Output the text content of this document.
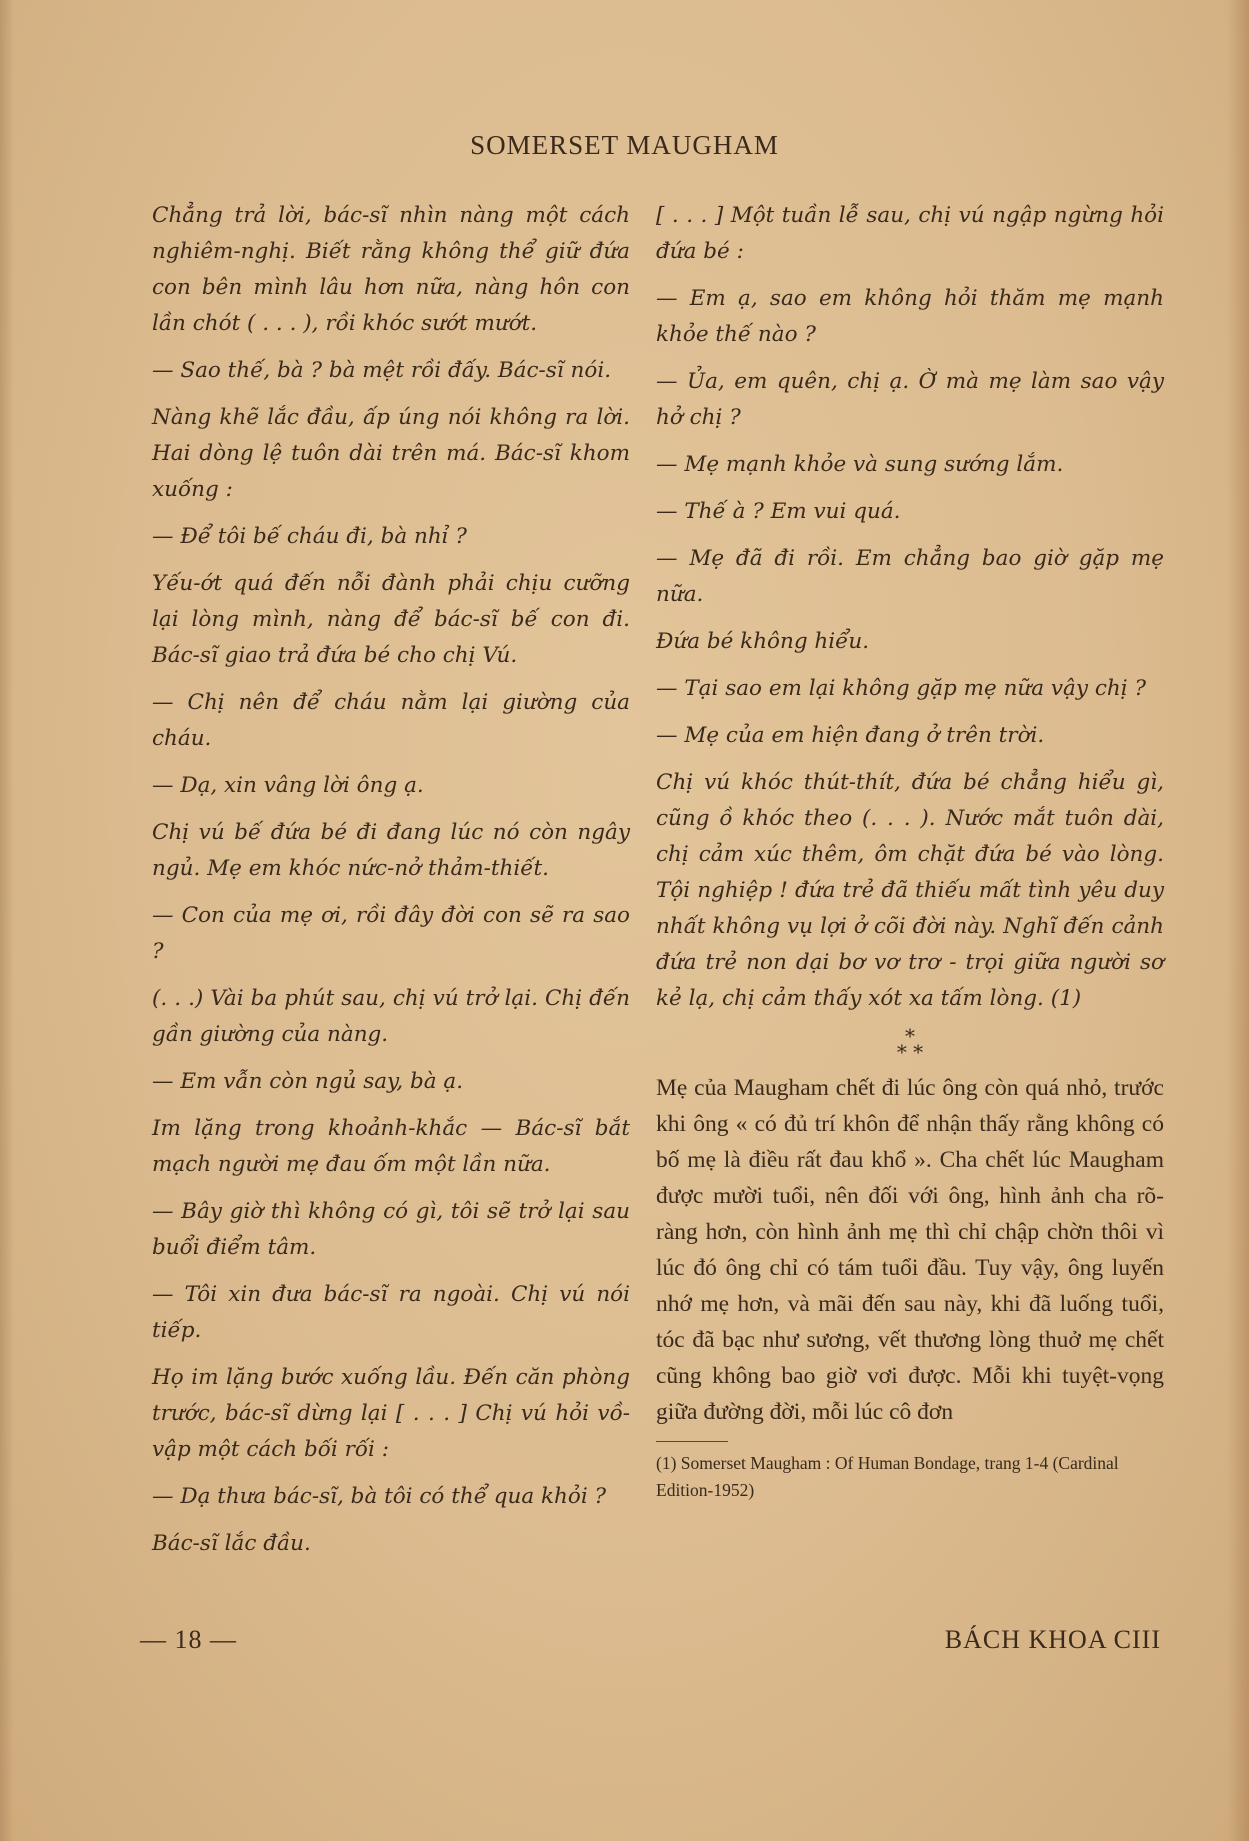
SOMERSET MAUGHAM

Chẳng trả lời, bác-sĩ nhìn nàng một cách nghiêm-nghị. Biết rằng không thể giữ đứa con bên mình lâu hơn nữa, nàng hôn con lần chót ( . . . ), rồi khóc sướt mướt.

— Sao thế, bà ? bà mệt rồi đấy. Bác-sĩ nói.

Nàng khẽ lắc đầu, ấp úng nói không ra lời. Hai dòng lệ tuôn dài trên má. Bác-sĩ khom xuống :

— Để tôi bế cháu đi, bà nhỉ ?

Yếu-ớt quá đến nỗi đành phải chịu cưỡng lại lòng mình, nàng để bác-sĩ bế con đi. Bác-sĩ giao trả đứa bé cho chị Vú.

— Chị nên để cháu nằm lại giường của cháu.

— Dạ, xin vâng lời ông ạ.

Chị vú bế đứa bé đi đang lúc nó còn ngây ngủ. Mẹ em khóc nức-nở thảm-thiết.

— Con của mẹ ơi, rồi đây đời con sẽ ra sao ?

(. . .) Vài ba phút sau, chị vú trở lại. Chị đến gần giường của nàng.

— Em vẫn còn ngủ say, bà ạ.

Im lặng trong khoảnh-khắc — Bác-sĩ bắt mạch người mẹ đau ốm một lần nữa.

— Bây giờ thì không có gì, tôi sẽ trở lại sau buổi điểm tâm.

— Tôi xin đưa bác-sĩ ra ngoài. Chị vú nói tiếp.

Họ im lặng bước xuống lầu. Đến căn phòng trước, bác-sĩ dừng lại [ . . . ] Chị vú hỏi vồ-vập một cách bối rối :

— Dạ thưa bác-sĩ, bà tôi có thể qua khỏi ?

Bác-sĩ lắc đầu.

[ . . . ] Một tuần lễ sau, chị vú ngập ngừng hỏi đứa bé :

— Em ạ, sao em không hỏi thăm mẹ mạnh khỏe thế nào ?

— Ủa, em quên, chị ạ. Ờ mà mẹ làm sao vậy hở chị ?

— Mẹ mạnh khỏe và sung sướng lắm.

— Thế à ? Em vui quá.

— Mẹ đã đi rồi. Em chẳng bao giờ gặp mẹ nữa.

Đứa bé không hiểu.

— Tại sao em lại không gặp mẹ nữa vậy chị ?

— Mẹ của em hiện đang ở trên trời.

Chị vú khóc thút-thít, đứa bé chẳng hiểu gì, cũng ồ khóc theo (. . . ). Nước mắt tuôn dài, chị cảm xúc thêm, ôm chặt đứa bé vào lòng. Tội nghiệp ! đứa trẻ đã thiếu mất tình yêu duy nhất không vụ lợi ở cõi đời này. Nghĩ đến cảnh đứa trẻ non dại bơ vơ trơ - trọi giữa người sơ kẻ lạ, chị cảm thấy xót xa tấm lòng. (1)

*
* *

Mẹ của Maugham chết đi lúc ông còn quá nhỏ, trước khi ông « có đủ trí khôn để nhận thấy rằng không có bố mẹ là điều rất đau khổ ». Cha chết lúc Maugham được mười tuổi, nên đối với ông, hình ảnh cha rõ-ràng hơn, còn hình ảnh mẹ thì chỉ chập chờn thôi vì lúc đó ông chỉ có tám tuổi đầu. Tuy vậy, ông luyến nhớ mẹ hơn, và mãi đến sau này, khi đã luống tuổi, tóc đã bạc như sương, vết thương lòng thuở mẹ chết cũng không bao giờ vơi được. Mỗi khi tuyệt-vọng giữa đường đời, mỗi lúc cô đơn

(1) Somerset Maugham : Of Human Bondage, trang 1-4 (Cardinal Edition-1952)
— 18 —	BÁCH KHOA CIII
